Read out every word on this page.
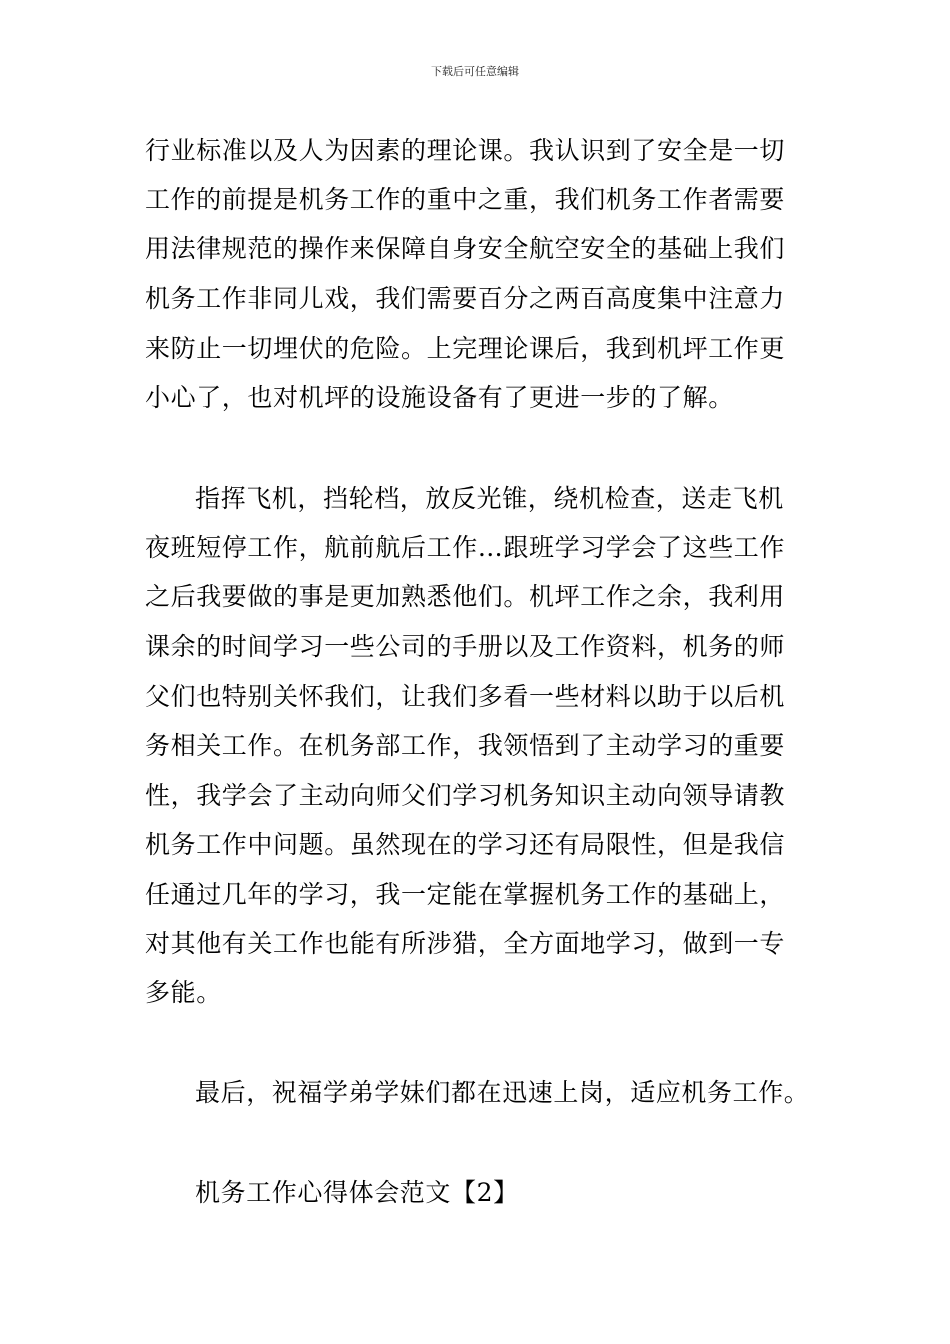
下载后可任意编辑
行业标准以及人为因素的理论课。我认识到了安全是一切
工作的前提是机务工作的重中之重，我们机务工作者需要
用法律规范的操作来保障自身安全航空安全的基础上我们
机务工作非同儿戏，我们需要百分之两百高度集中注意力
来防止一切埋伏的危险。上完理论课后，我到机坪工作更
小心了，也对机坪的设施设备有了更进一步的了解。
指挥飞机，挡轮档，放反光锥，绕机检查，送走飞机
夜班短停工作，航前航后工作…跟班学习学会了这些工作
之后我要做的事是更加熟悉他们。机坪工作之余，我利用
课余的时间学习一些公司的手册以及工作资料，机务的师
父们也特别关怀我们，让我们多看一些材料以助于以后机
务相关工作。在机务部工作，我领悟到了主动学习的重要
性，我学会了主动向师父们学习机务知识主动向领导请教
机务工作中问题。虽然现在的学习还有局限性，但是我信
任通过几年的学习，我一定能在掌握机务工作的基础上，
对其他有关工作也能有所涉猎，全方面地学习，做到一专
多能。
最后，祝福学弟学妹们都在迅速上岗，适应机务工作。
机务工作心得体会范文【2】
